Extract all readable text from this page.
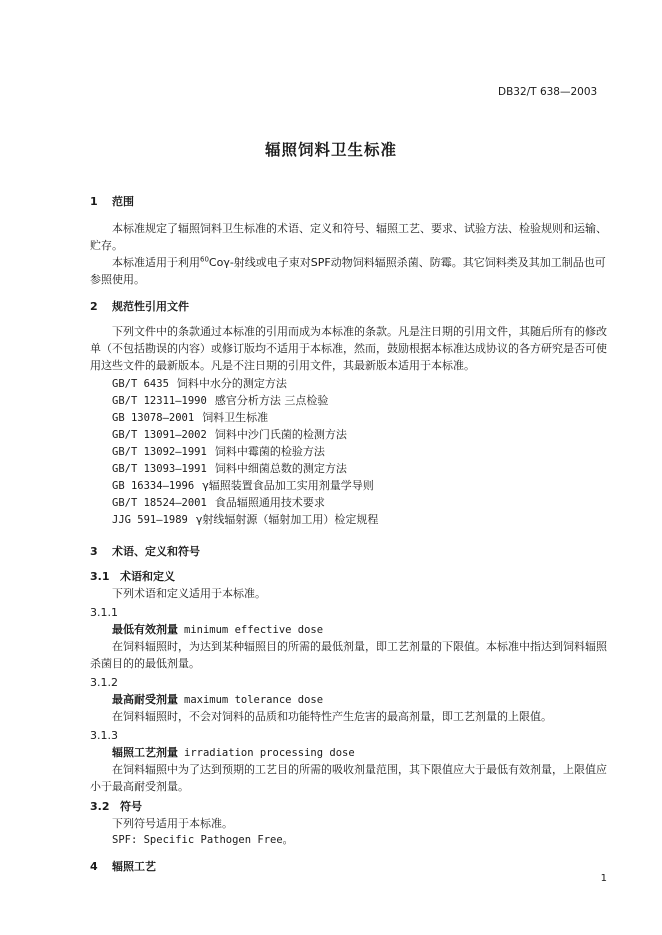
DB32/T 638—2003
辐照饲料卫生标准
1 范围
本标准规定了辐照饲料卫生标准的术语、定义和符号、辐照工艺、要求、试验方法、检验规则和运输、贮存。
本标准适用于利用$^{60}$Coγ-射线或电子束对SPF动物饲料辐照杀菌、防霉。其它饲料类及其加工制品也可参照使用。
2 规范性引用文件
下列文件中的条款通过本标准的引用而成为本标准的条款。凡是注日期的引用文件，其随后所有的修改单（不包括勘误的内容）或修订版均不适用于本标准，然而，鼓励根据本标准达成协议的各方研究是否可使用这些文件的最新版本。凡是不注日期的引用文件，其最新版本适用于本标准。
GB/T 6435 饲料中水分的测定方法
GB/T 12311—1990 感官分析方法 三点检验
GB 13078—2001 饲料卫生标准
GB/T 13091—2002 饲料中沙门氏菌的检测方法
GB/T 13092—1991 饲料中霉菌的检验方法
GB/T 13093—1991 饲料中细菌总数的测定方法
GB 16334—1996 γ辐照装置食品加工实用剂量学导则
GB/T 18524—2001 食品辐照通用技术要求
JJG 591—1989 γ射线辐射源（辐射加工用）检定规程
3 术语、定义和符号
3.1 术语和定义
下列术语和定义适用于本标准。
3.1.1
最低有效剂量 minimum effective dose
在饲料辐照时，为达到某种辐照目的所需的最低剂量，即工艺剂量的下限值。本标准中指达到饲料辐照杀菌目的的最低剂量。
3.1.2
最高耐受剂量 maximum tolerance dose
在饲料辐照时，不会对饲料的品质和功能特性产生危害的最高剂量，即工艺剂量的上限值。
3.1.3
辐照工艺剂量 irradiation processing dose
在饲料辐照中为了达到预期的工艺目的所需的吸收剂量范围，其下限值应大于最低有效剂量，上限值应小于最高耐受剂量。
3.2 符号
下列符号适用于本标准。
SPF: Specific Pathogen Free。
4 辐照工艺
1
